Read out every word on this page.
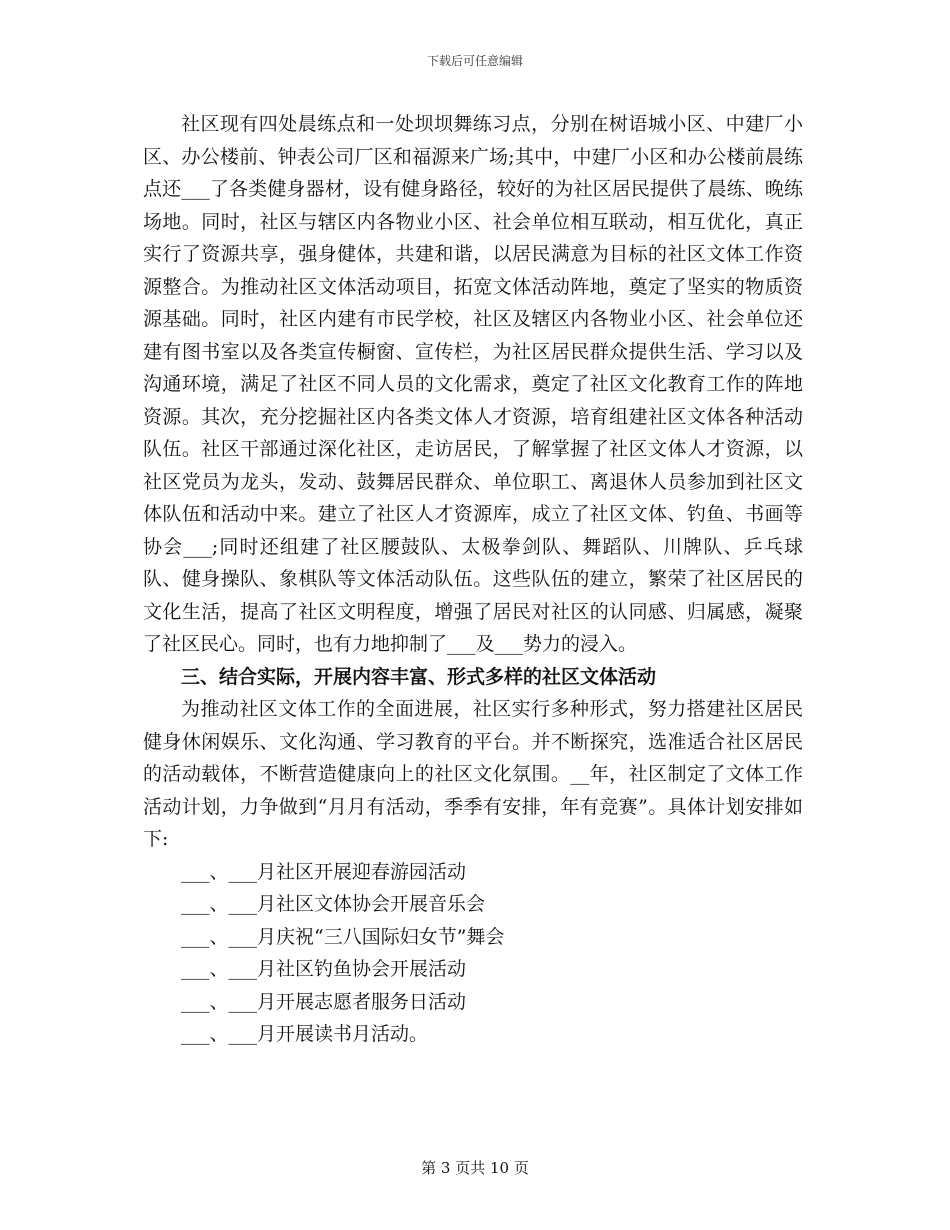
下载后可任意编辑

社区现有四处晨练点和一处坝坝舞练习点，分别在树语城小区、中建厂小区、办公楼前、钟表公司厂区和福源来广场;其中，中建厂小区和办公楼前晨练点还___了各类健身器材，设有健身路径，较好的为社区居民提供了晨练、晚练场地。同时，社区与辖区内各物业小区、社会单位相互联动，相互优化，真正实行了资源共享，强身健体，共建和谐，以居民满意为目标的社区文体工作资源整合。为推动社区文体活动项目，拓宽文体活动阵地，奠定了坚实的物质资源基础。同时，社区内建有市民学校，社区及辖区内各物业小区、社会单位还建有图书室以及各类宣传橱窗、宣传栏，为社区居民群众提供生活、学习以及沟通环境，满足了社区不同人员的文化需求，奠定了社区文化教育工作的阵地资源。其次，充分挖掘社区内各类文体人才资源，培育组建社区文体各种活动队伍。社区干部通过深化社区，走访居民，了解掌握了社区文体人才资源，以社区党员为龙头，发动、鼓舞居民群众、单位职工、离退休人员参加到社区文体队伍和活动中来。建立了社区人才资源库，成立了社区文体、钓鱼、书画等协会___;同时还组建了社区腰鼓队、太极拳剑队、舞蹈队、川牌队、乒乓球队、健身操队、象棋队等文体活动队伍。这些队伍的建立，繁荣了社区居民的文化生活，提高了社区文明程度，增强了居民对社区的认同感、归属感，凝聚了社区民心。同时，也有力地抑制了___及___势力的浸入。

三、结合实际，开展内容丰富、形式多样的社区文体活动

为推动社区文体工作的全面进展，社区实行多种形式，努力搭建社区居民健身休闲娱乐、文化沟通、学习教育的平台。并不断探究，选准适合社区居民的活动载体，不断营造健康向上的社区文化氛围。__年，社区制定了文体工作活动计划，力争做到“月月有活动，季季有安排，年有竞赛”。具体计划安排如下:

___、___月社区开展迎春游园活动

___、___月社区文体协会开展音乐会

___、___月庆祝“三八国际妇女节”舞会

___、___月社区钓鱼协会开展活动

___、___月开展志愿者服务日活动

___、___月开展读书月活动。

第 3 页共 10 页
